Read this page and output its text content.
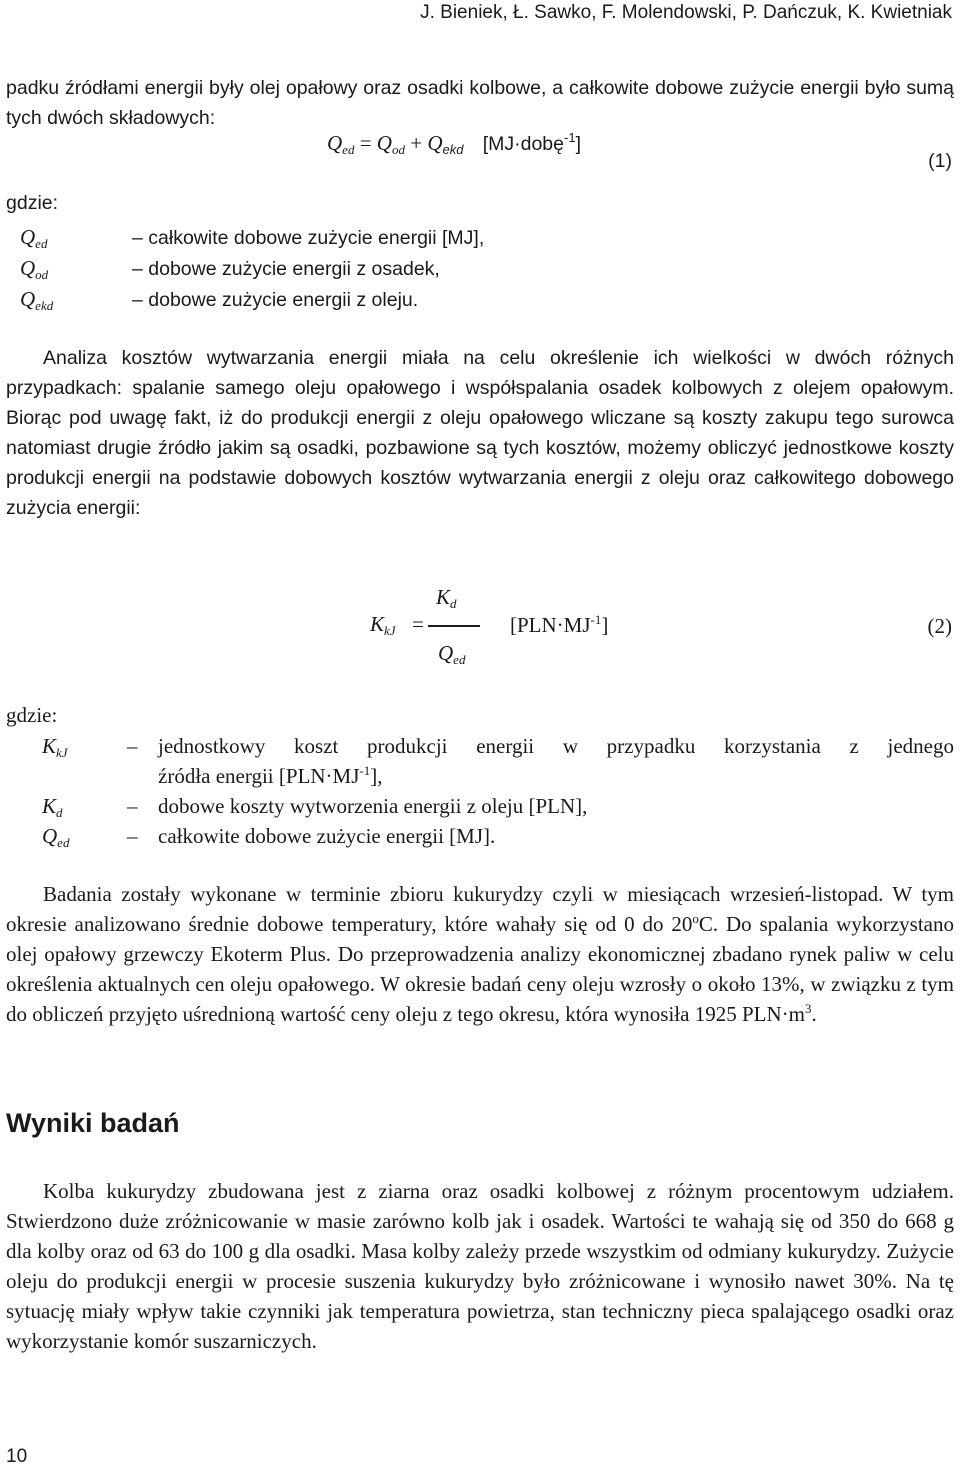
J. Bieniek, Ł. Sawko, F. Molendowski, P. Dańczuk, K. Kwietniak
padku źródłami energii były olej opałowy oraz osadki kolbowe, a całkowite dobowe zużycie energii było sumą tych dwóch składowych:
$Q_{ed} = Q_{od} + Q_{ekd}$ [MJ·dobę$^{-1}$]
(1)
gdzie:
$Q_{ed}$	– całkowite dobowe zużycie energii [MJ],
$Q_{od}$	– dobowe zużycie energii z osadek,
$Q_{ekd}$	– dobowe zużycie energii z oleju.
Analiza kosztów wytwarzania energii miała na celu określenie ich wielkości w dwóch różnych przypadkach: spalanie samego oleju opałowego i współspalania osadek kolbowych z olejem opałowym. Biorąc pod uwagę fakt, iż do produkcji energii z oleju opałowego wliczane są koszty zakupu tego surowca natomiast drugie źródło jakim są osadki, pozbawione są tych kosztów, możemy obliczyć jednostkowe koszty produkcji energii na podstawie dobowych kosztów wytwarzania energii z oleju oraz całkowitego dobowego zużycia energii:
$K_d$
$K_{kJ}$ =
$Q_{ed}$
$[PLN\cdot MJ^{-1}]$	(2)
gdzie:
$K_{kJ}$	– jednostkowy koszt produkcji energii w przypadku korzystania z jednego
źródła energii $[PLN\cdot MJ^{-1}]$,
$K_d$	– dobowe koszty wytworzenia energii z oleju [PLN],
$Q_{ed}$	– całkowite dobowe zużycie energii [MJ].
Badania zostały wykonane w terminie zbioru kukurydzy czyli w miesiącach wrzesień-listopad. W tym okresie analizowano średnie dobowe temperatury, które wahały się od 0 do 20$^o$C. Do spalania wykorzystano olej opałowy grzewczy Ekoterm Plus. Do przeprowadzenia analizy ekonomicznej zbadano rynek paliw w celu określenia aktualnych cen oleju opałowego. W okresie badań ceny oleju wzrosły o około 13%, w związku z tym do obliczeń przyjęto uśrednioną wartość ceny oleju z tego okresu, która wynosiła 1925 $PLN\cdot m^3$.
Wyniki badań
Kolba kukurydzy zbudowana jest z ziarna oraz osadki kolbowej z różnym procentowym udziałem. Stwierdzono duże zróżnicowanie w masie zarówno kolb jak i osadek. Wartości te wahają się od 350 do 668 g dla kolby oraz od 63 do 100 g dla osadki. Masa kolby zależy przede wszystkim od odmiany kukurydzy. Zużycie oleju do produkcji energii w procesie suszenia kukurydzy było zróżnicowane i wynosiło nawet 30%. Na tę sytuację miały wpływ takie czynniki jak temperatura powietrza, stan techniczny pieca spalającego osadki oraz wykorzystanie komór suszarniczych.
10
